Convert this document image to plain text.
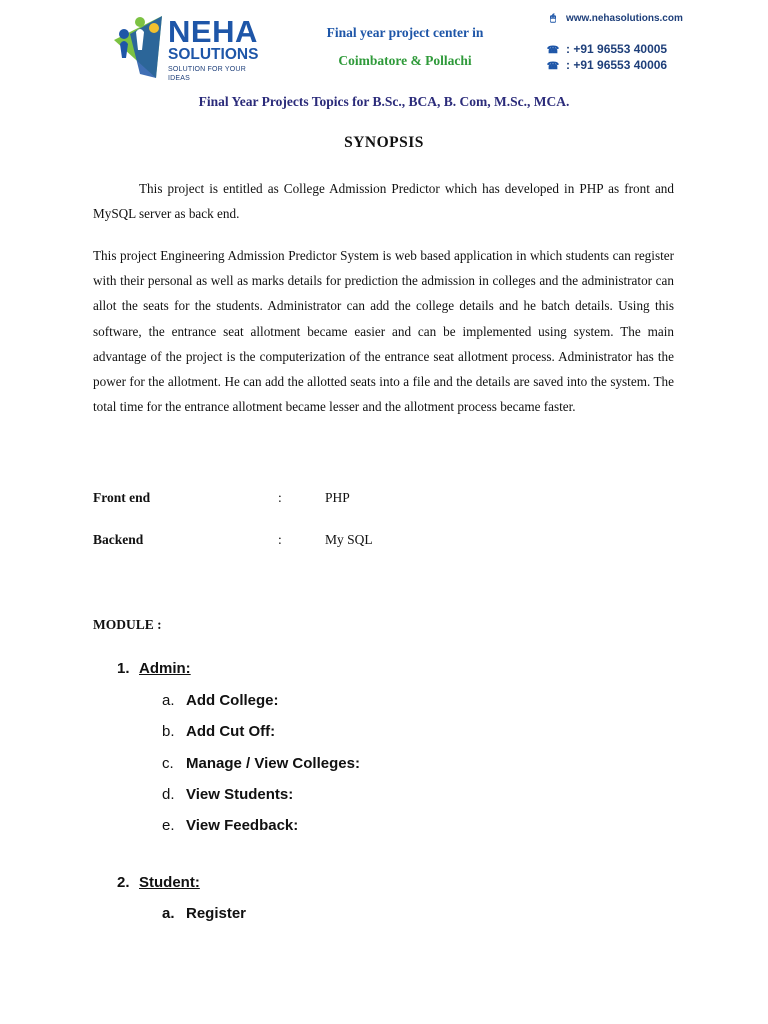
NEHA
SOLUTIONS
SOLUTION FOR YOUR IDEAS
Final year project center in
Coimbatore & Pollachi
🖱 www.nehasolutions.com
☎ : +91 96553 40005
☎ : +91 96553 40006
Final Year Projects Topics for B.Sc., BCA, B. Com, M.Sc., MCA.
SYNOPSIS
This project is entitled as College Admission Predictor which has developed in PHP as front and MySQL server as back end.
This project Engineering Admission Predictor System is web based application in which students can register with their personal as well as marks details for prediction the admission in colleges and the administrator can allot the seats for the students. Administrator can add the college details and he batch details. Using this software, the entrance seat allotment became easier and can be implemented using system. The main advantage of the project is the computerization of the entrance seat allotment process. Administrator has the power for the allotment. He can add the allotted seats into a file and the details are saved into the system. The total time for the entrance allotment became lesser and the allotment process became faster.
Front end	:	PHP
Backend	:	My SQL
MODULE :
1. Admin:
a. Add College:
b. Add Cut Off:
c. Manage / View Colleges:
d. View Students:
e. View Feedback:
2. Student:
a. Register
